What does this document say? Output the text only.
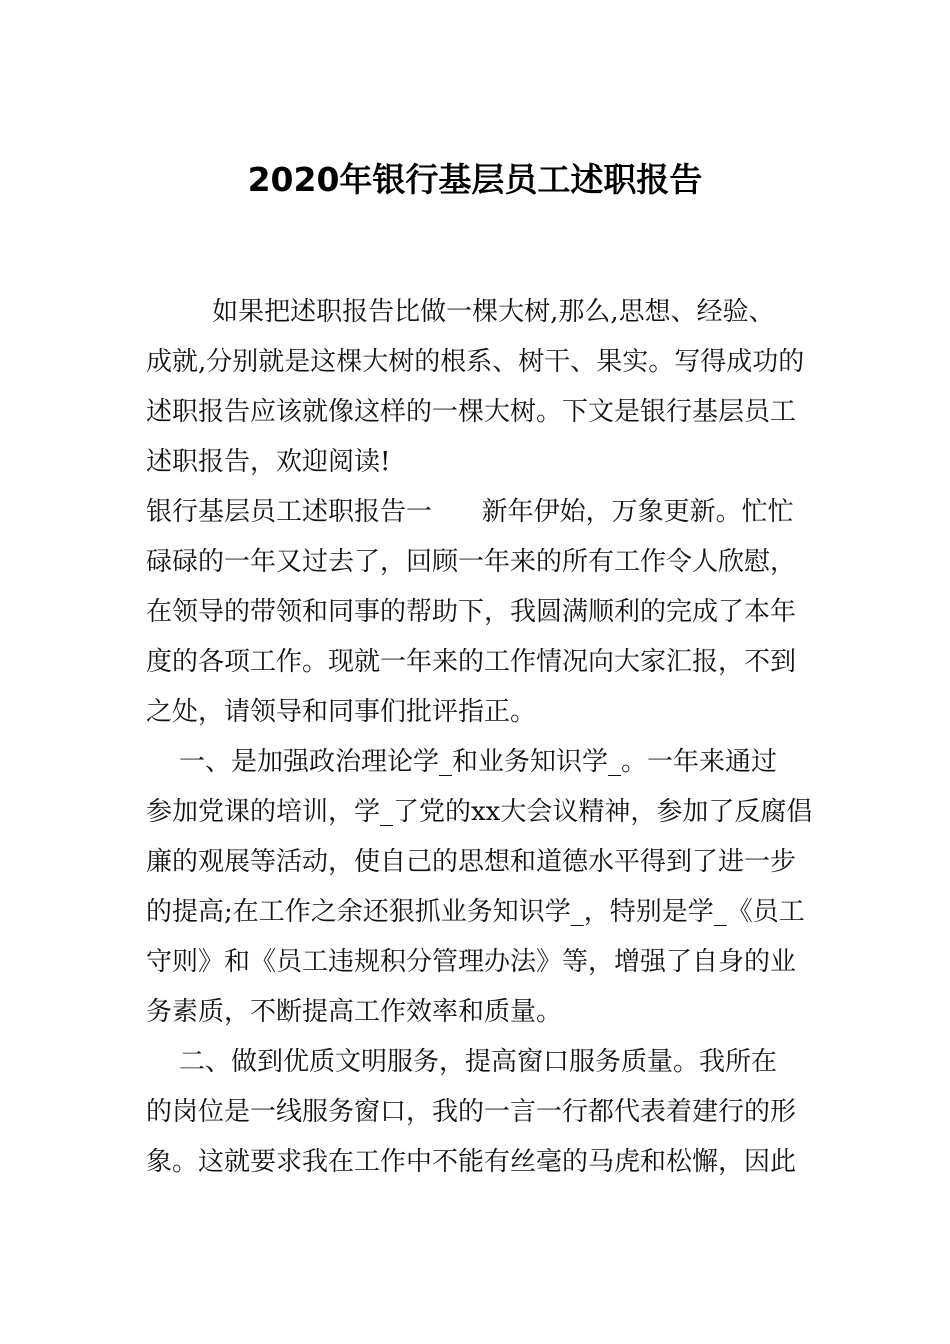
2020年银行基层员工述职报告
如果把述职报告比做一棵大树,那么,思想、经验、
成就,分别就是这棵大树的根系、树干、果实。写得成功的
述职报告应该就像这样的一棵大树。下文是银行基层员工
述职报告，欢迎阅读!
银行基层员工述职报告一      新年伊始，万象更新。忙忙
碌碌的一年又过去了，回顾一年来的所有工作令人欣慰，
在领导的带领和同事的帮助下，我圆满顺利的完成了本年
度的各项工作。现就一年来的工作情况向大家汇报，不到
之处，请领导和同事们批评指正。
一、是加强政治理论学_和业务知识学_。一年来通过
参加党课的培训，学_了党的xx大会议精神，参加了反腐倡
廉的观展等活动，使自己的思想和道德水平得到了进一步
的提高;在工作之余还狠抓业务知识学_，特别是学_《员工
守则》和《员工违规积分管理办法》等，增强了自身的业
务素质，不断提高工作效率和质量。
二、做到优质文明服务，提高窗口服务质量。我所在
的岗位是一线服务窗口，我的一言一行都代表着建行的形
象。这就要求我在工作中不能有丝毫的马虎和松懈，因此
